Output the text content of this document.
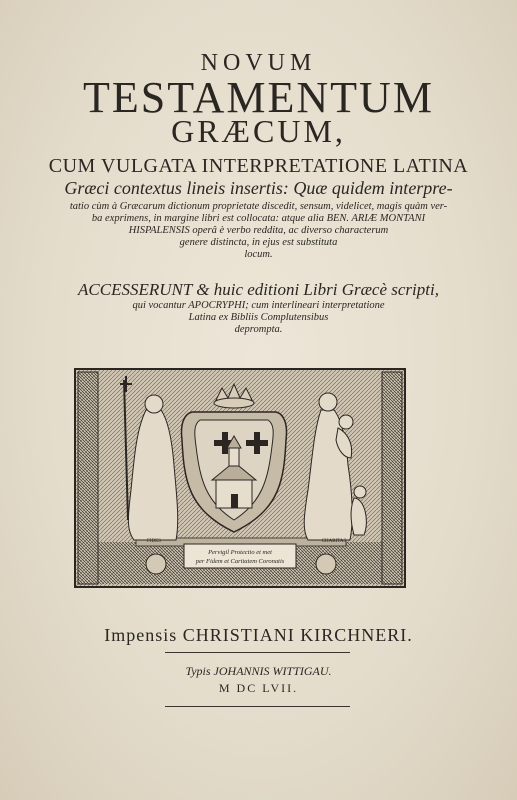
NOVUM
TESTAMENTUM
GRÆCUM,
CUM VULGATA INTERPRETATIONE LATINA
Græci contextus lineis insertis: Quæ quidem interpre-
tatio cùm à Græcarum dictionum proprietate discedit, sensum, videlicet, magis quàm ver-
ba exprimens, in margine libri est collocata: atque alia BEN. ARIÆ MONTANI
HISPALENSIS operâ è verbo reddita, ac diverso characterum
genere distincta, in ejus est substituta
locum.
ACCESSERUNT & huic editioni Libri Græcè scripti,
qui vocantur APOCRYPHI; cum interlineari interpretatione
Latina ex Bibliis Complutensibus
deprompta.
Pervigil Protectio et met
per Fidem et Caritatem Coronatis
FIDES	CHARITAS
Impensis CHRISTIANI KIRCHNERI.
Typis JOHANNIS WITTIGAU.
M DC LVII.
